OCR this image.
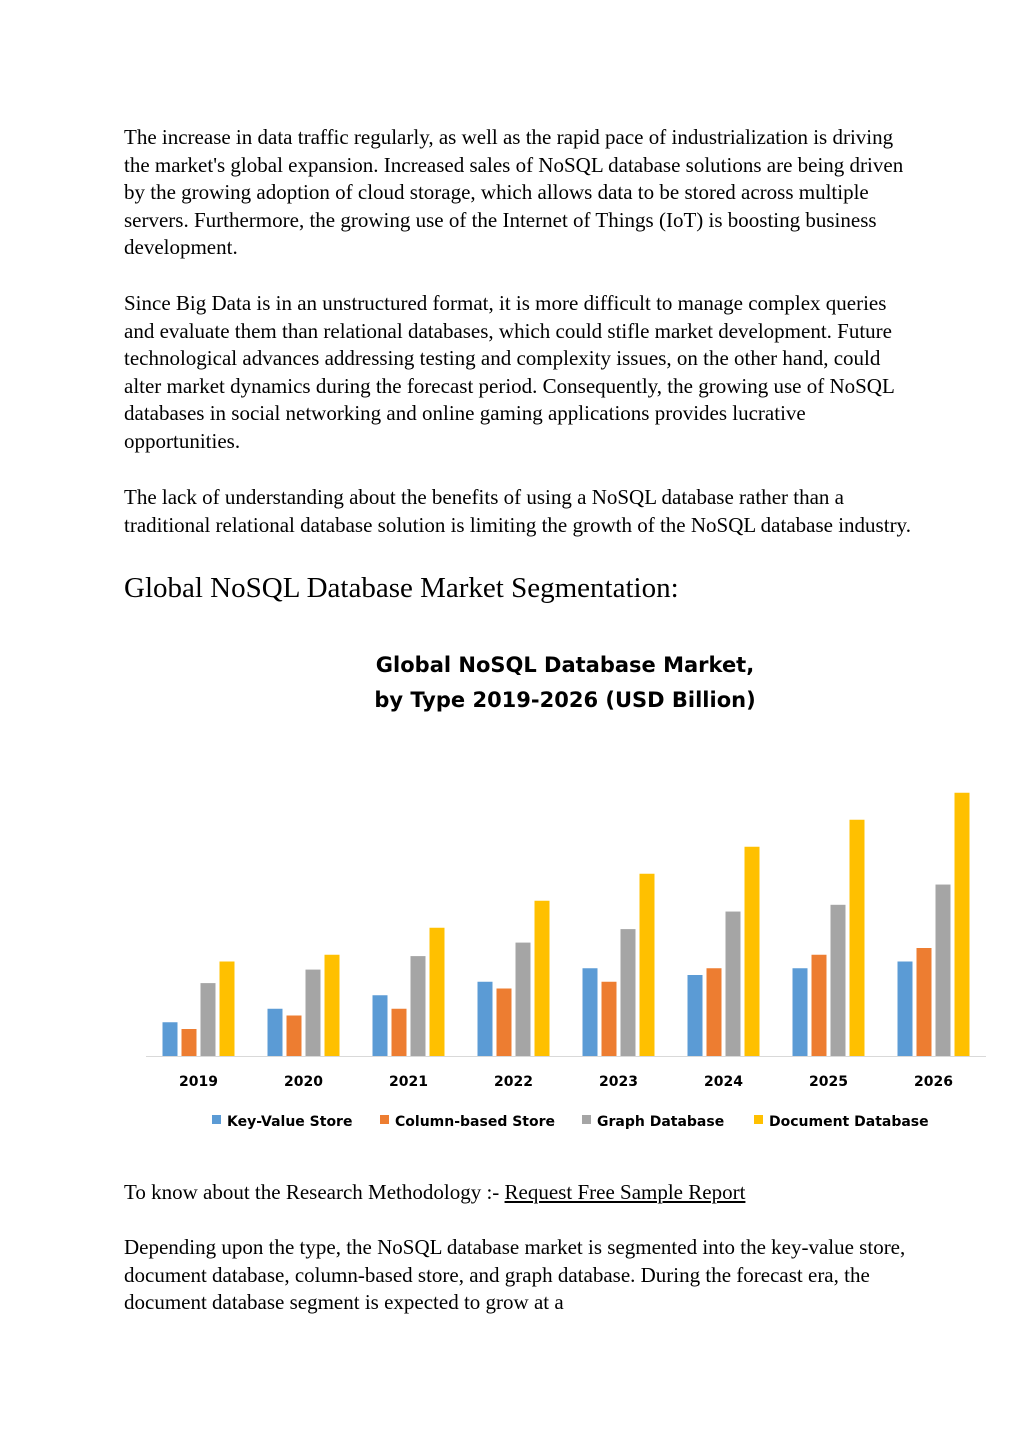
The increase in data traffic regularly, as well as the rapid pace of industrialization is driving the market's global expansion. Increased sales of NoSQL database solutions are being driven by the growing adoption of cloud storage, which allows data to be stored across multiple servers. Furthermore, the growing use of the Internet of Things (IoT) is boosting business development.

Since Big Data is in an unstructured format, it is more difficult to manage complex queries and evaluate them than relational databases, which could stifle market development. Future technological advances addressing testing and complexity issues, on the other hand, could alter market dynamics during the forecast period. Consequently, the growing use of NoSQL databases in social networking and online gaming applications provides lucrative opportunities.

The lack of understanding about the benefits of using a NoSQL database rather than a traditional relational database solution is limiting the growth of the NoSQL database industry.

Global NoSQL Database Market Segmentation:
Global NoSQL Database Market,
by Type 2019-2026 (USD Billion)
2019	2020	2021	2022	2023	2024	2025	2026
Key-Value Store	Column-based Store	Graph Database	Document Database

To know about the Research Methodology :- Request Free Sample Report

Depending upon the type, the NoSQL database market is segmented into the key-value store, document database, column-based store, and graph database. During the forecast era, the document database segment is expected to grow at a
